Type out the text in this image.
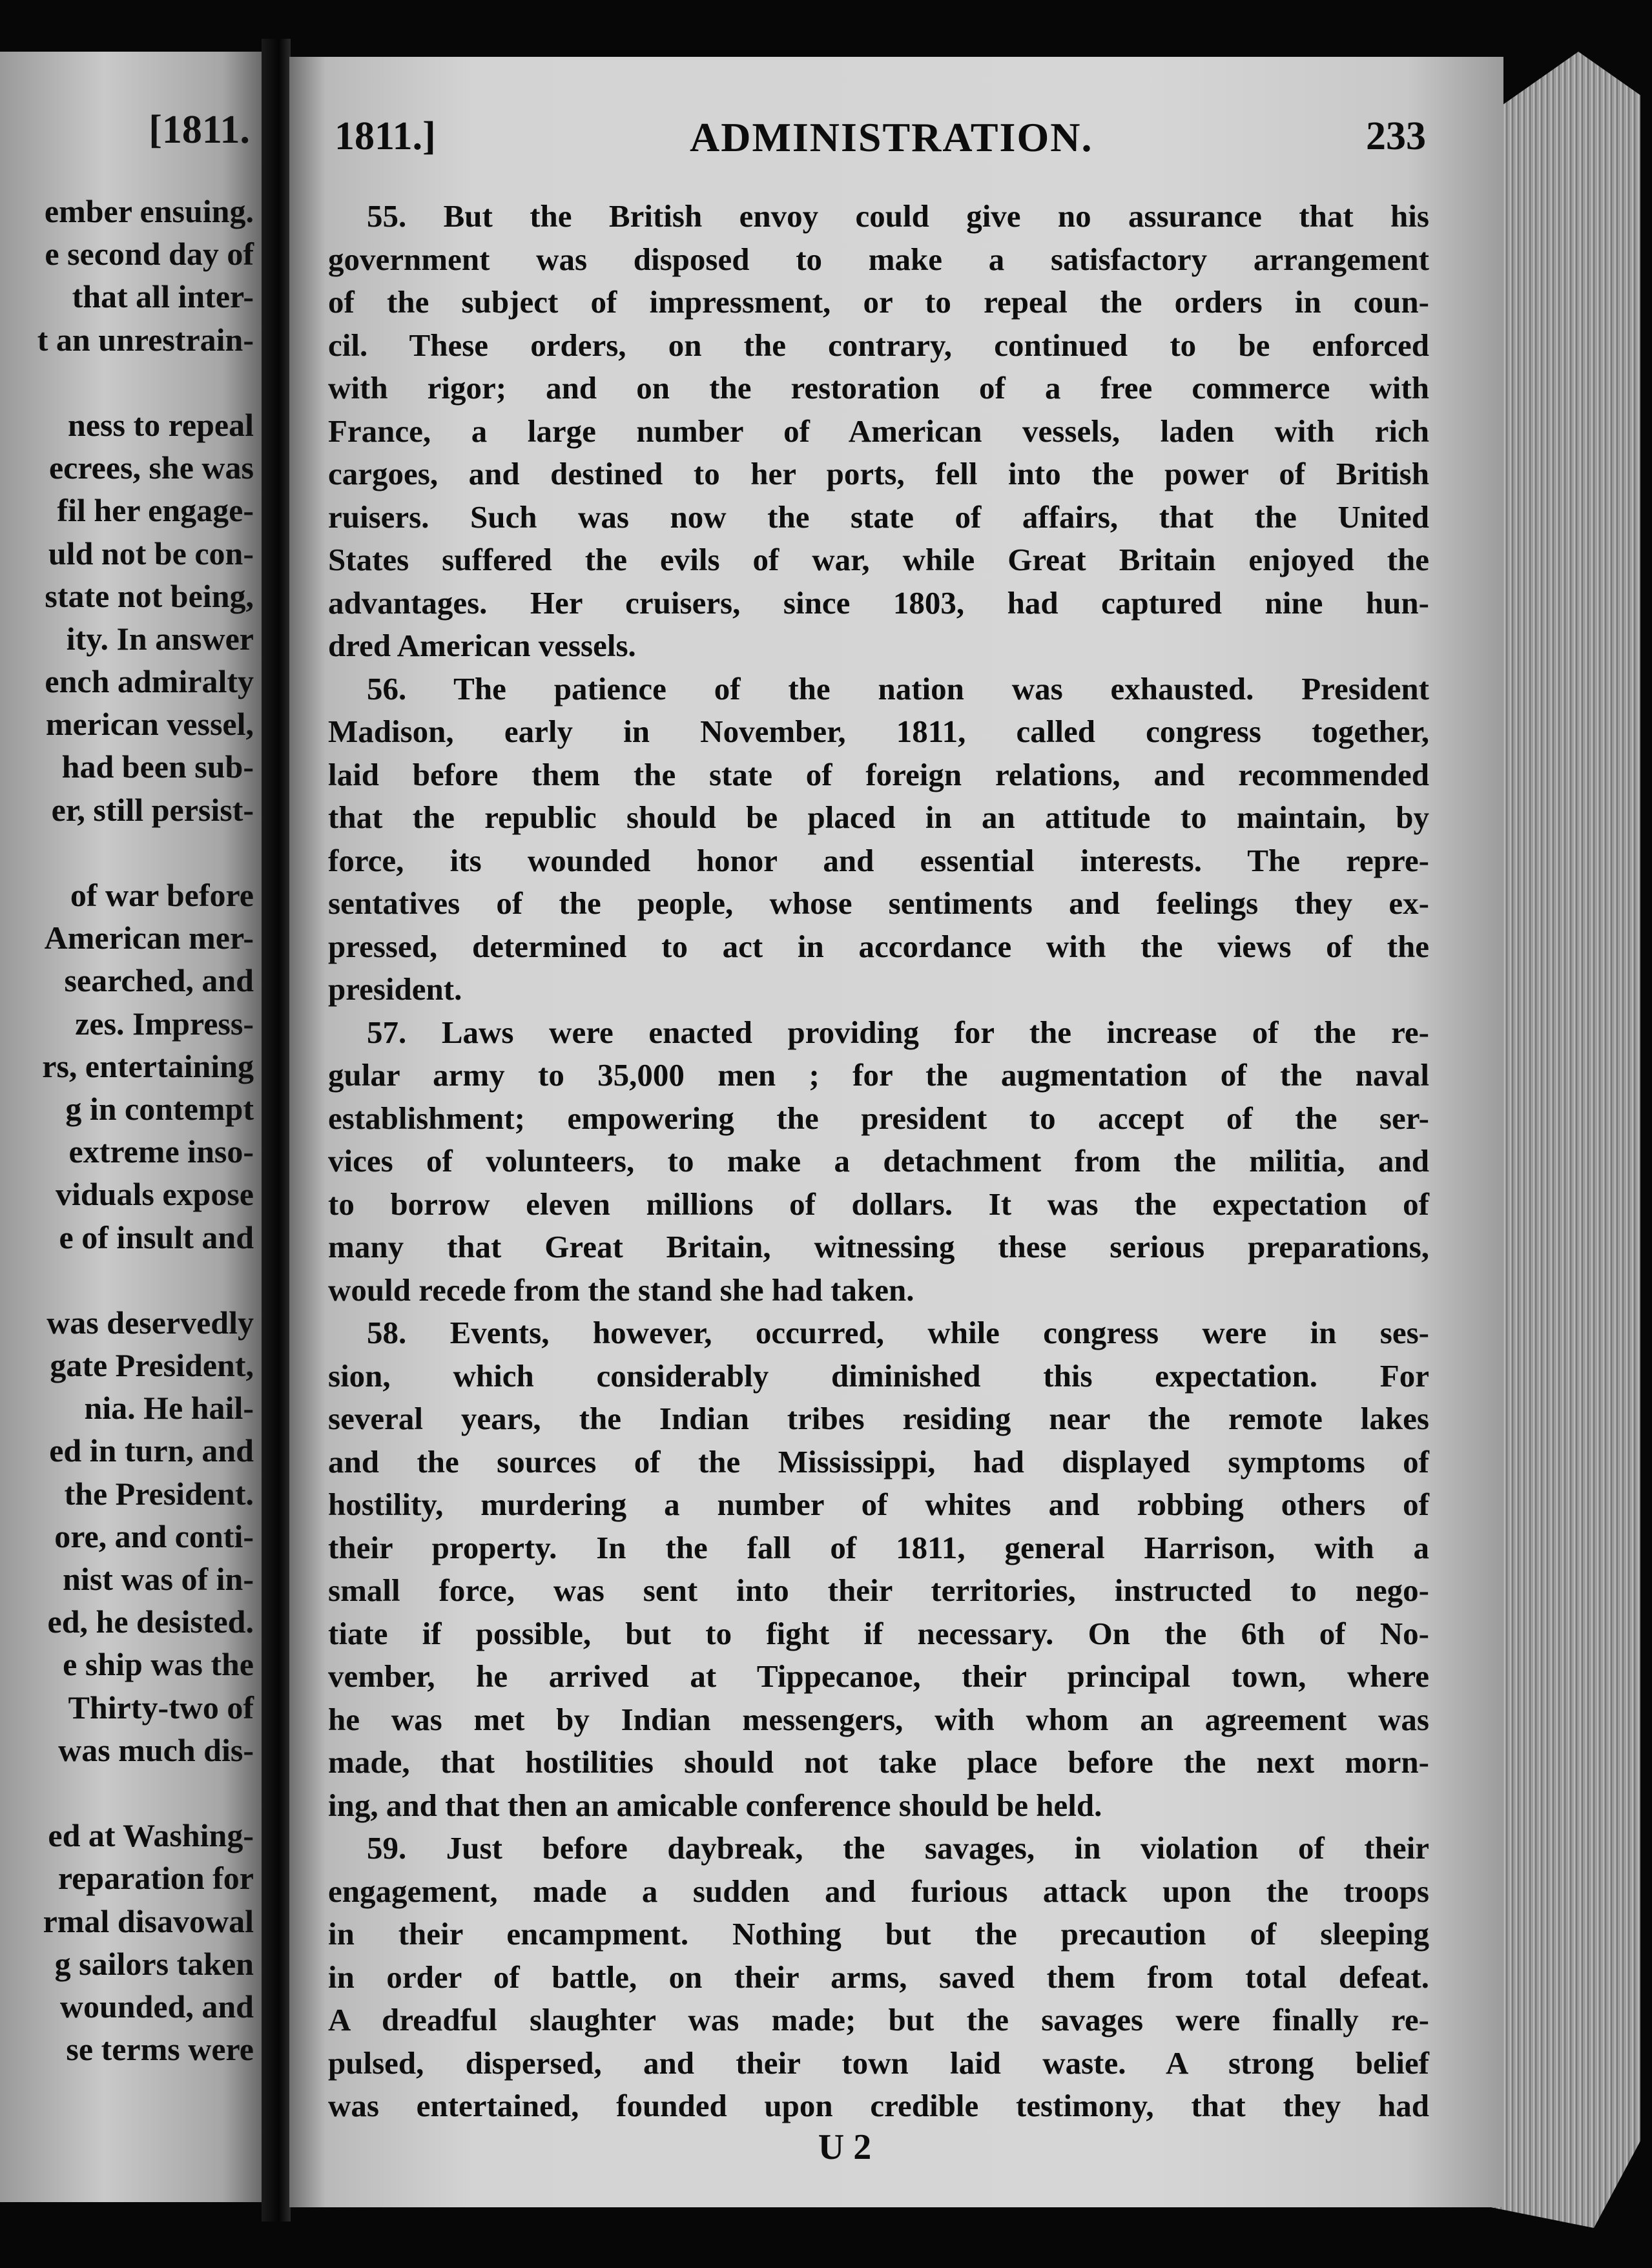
[1811.
ember ensuing.
e second day of
that all inter-
t an unrestrain-
ness to repeal
ecrees, she was
fil her engage-
uld not be con-
state not being,
ity. In answer
ench admiralty
merican vessel,
had been sub-
er, still persist-
of war before
American mer-
searched, and
zes. Impress-
rs, entertaining
g in contempt
extreme inso-
viduals expose
e of insult and
was deservedly
gate President,
nia. He hail-
ed in turn, and
the President.
ore, and conti-
nist was of in-
ed, he desisted.
e ship was the
Thirty-two of
was much dis-
ed at Washing-
reparation for
rmal disavowal
g sailors taken
wounded, and
se terms were
1811.]	ADMINISTRATION.	233
55. But the British envoy could give no assurance that his
government was disposed to make a satisfactory arrangement
of the subject of impressment, or to repeal the orders in coun-
cil. These orders, on the contrary, continued to be enforced
with rigor; and on the restoration of a free commerce with
France, a large number of American vessels, laden with rich
cargoes, and destined to her ports, fell into the power of British
ruisers. Such was now the state of affairs, that the United
States suffered the evils of war, while Great Britain enjoyed the
advantages. Her cruisers, since 1803, had captured nine hun-
dred American vessels.
56. The patience of the nation was exhausted. President
Madison, early in November, 1811, called congress together,
laid before them the state of foreign relations, and recommended
that the republic should be placed in an attitude to maintain, by
force, its wounded honor and essential interests. The repre-
sentatives of the people, whose sentiments and feelings they ex-
pressed, determined to act in accordance with the views of the
president.
57. Laws were enacted providing for the increase of the re-
gular army to 35,000 men ; for the augmentation of the naval
establishment; empowering the president to accept of the ser-
vices of volunteers, to make a detachment from the militia, and
to borrow eleven millions of dollars. It was the expectation of
many that Great Britain, witnessing these serious preparations,
would recede from the stand she had taken.
58. Events, however, occurred, while congress were in ses-
sion, which considerably diminished this expectation. For
several years, the Indian tribes residing near the remote lakes
and the sources of the Mississippi, had displayed symptoms of
hostility, murdering a number of whites and robbing others of
their property. In the fall of 1811, general Harrison, with a
small force, was sent into their territories, instructed to nego-
tiate if possible, but to fight if necessary. On the 6th of No-
vember, he arrived at Tippecanoe, their principal town, where
he was met by Indian messengers, with whom an agreement was
made, that hostilities should not take place before the next morn-
ing, and that then an amicable conference should be held.
59. Just before daybreak, the savages, in violation of their
engagement, made a sudden and furious attack upon the troops
in their encampment. Nothing but the precaution of sleeping
in order of battle, on their arms, saved them from total defeat.
A dreadful slaughter was made; but the savages were finally re-
pulsed, dispersed, and their town laid waste. A strong belief
was entertained, founded upon credible testimony, that they had
U 2
